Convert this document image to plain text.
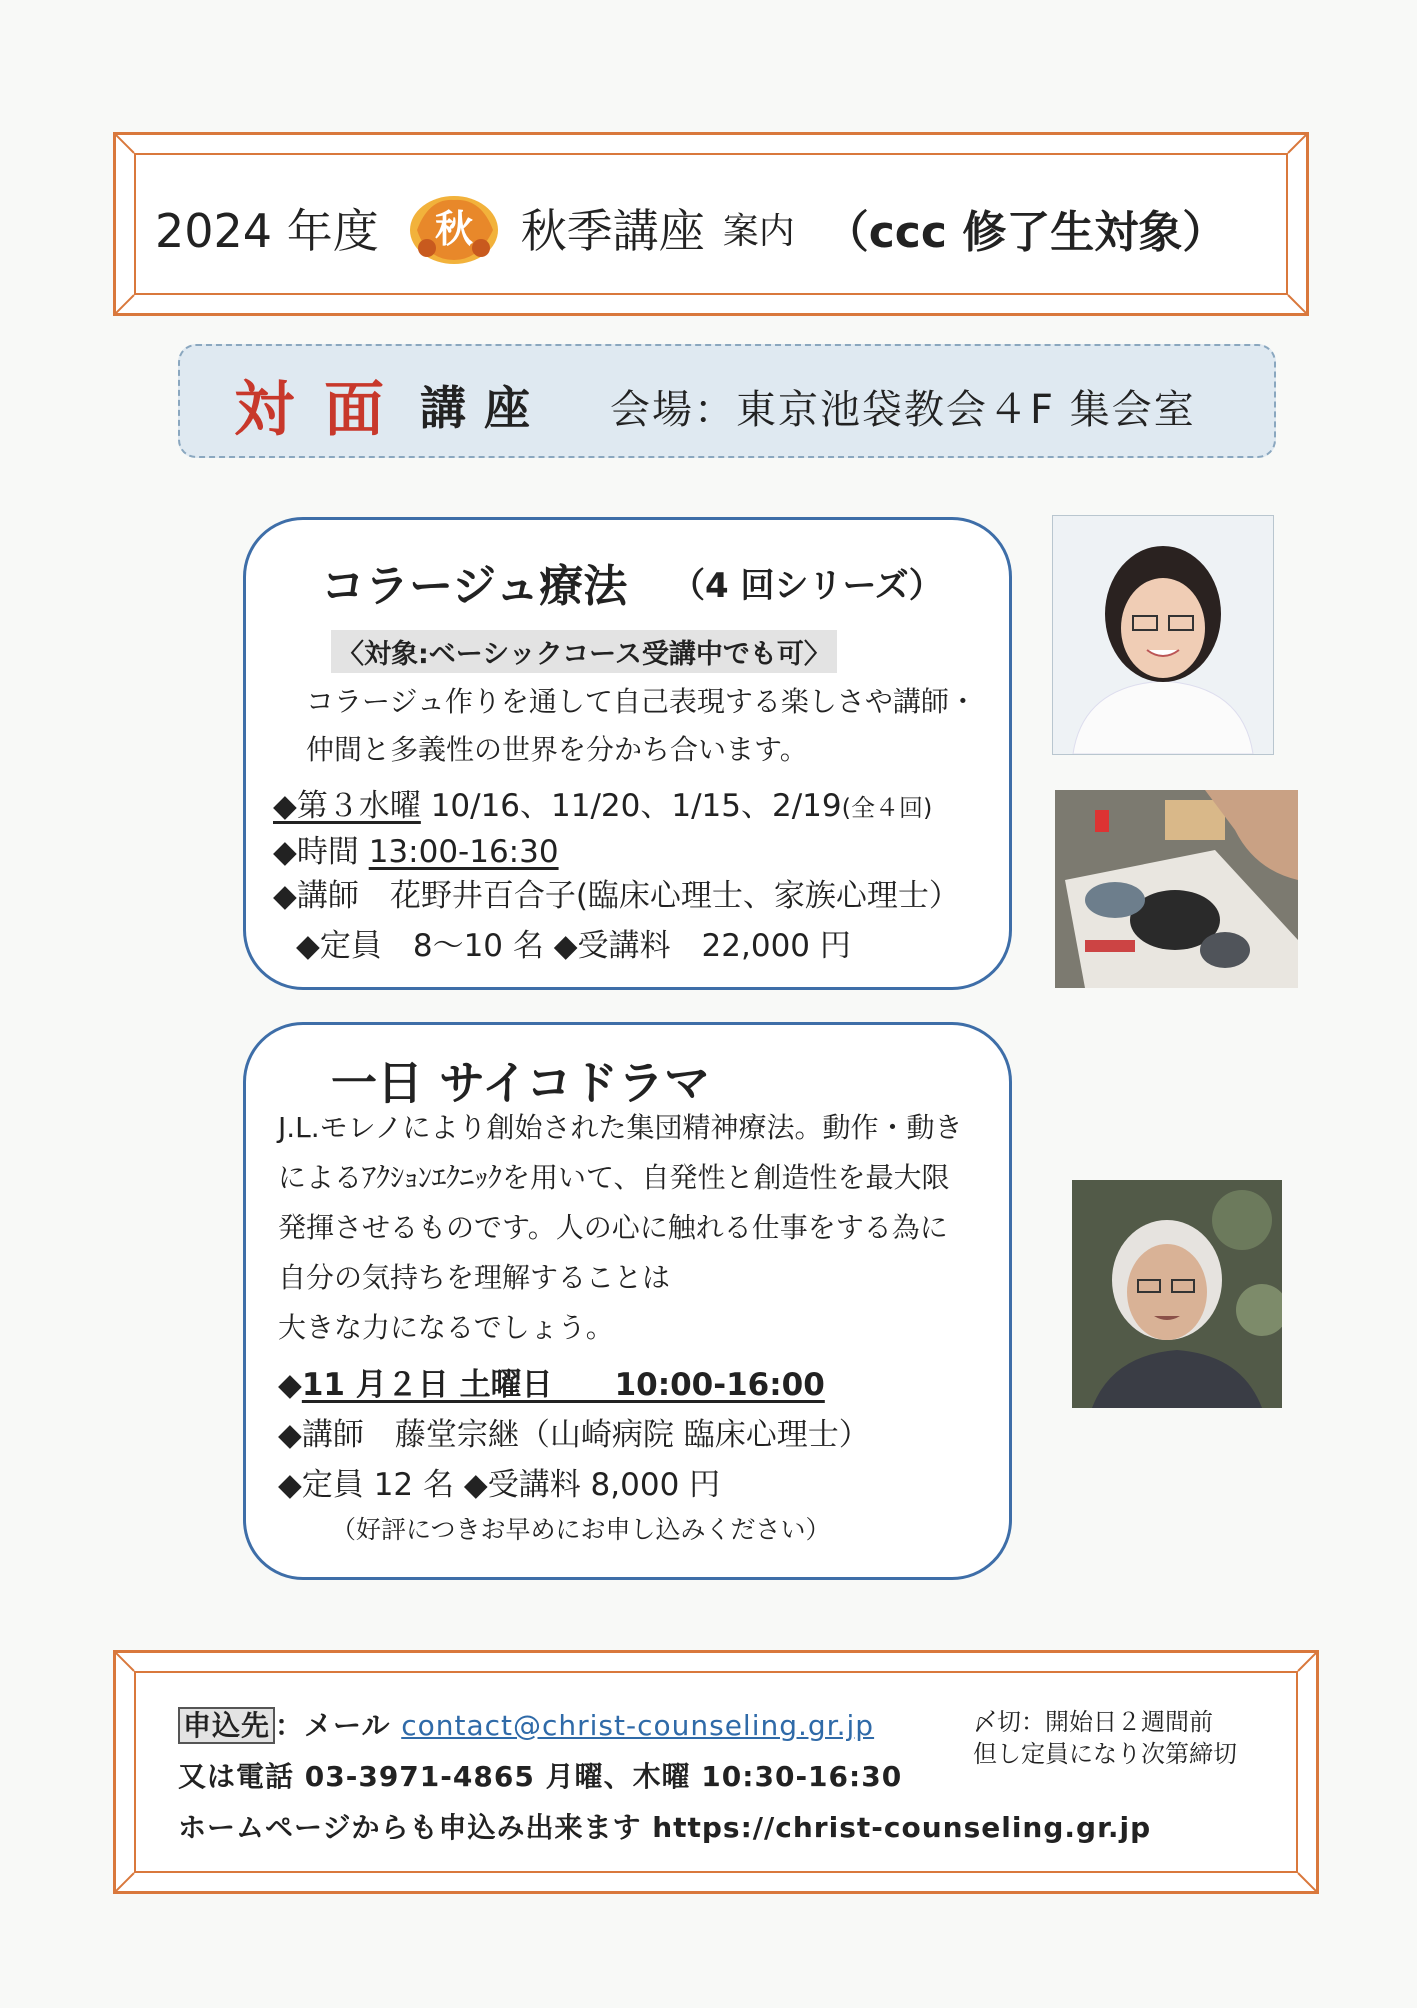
2024 年度 秋 秋季講座 案内 （ccc 修了生対象）
対面 講座 会場：東京池袋教会４F 集会室
コラージュ療法 （4 回シリーズ）
〈対象:ベーシックコース受講中でも可〉
コラージュ作りを通して自己表現する楽しさや講師・
仲間と多義性の世界を分かち合います。
◆第３水曜 10/16、11/20、1/15、2/19(全４回)
◆時間 13:00-16:30
◆講師　花野井百合子(臨床心理士、家族心理士）
◆定員　8～10 名 ◆受講料　22,000 円
一日 サイコドラマ
J.L.モレノにより創始された集団精神療法。動作・動き
によるｱｸｼｮﾝｴｸﾆｯｸを用いて、自発性と創造性を最大限
発揮させるものです。人の心に触れる仕事をする為に
自分の気持ちを理解することは
大きな力になるでしょう。
◆11 月２日 土曜日　　10:00-16:00
◆講師　藤堂宗継（山崎病院 臨床心理士）
◆定員 12 名 ◆受講料 8,000 円
（好評につきお早めにお申し込みください）
申込先 ：メール contact@christ-counseling.gr.jp
又は電話 03-3971-4865 月曜、木曜 10:30-16:30
ホームページからも申込み出来ます https://christ-counseling.gr.jp
〆切：開始日２週間前
但し定員になり次第締切
